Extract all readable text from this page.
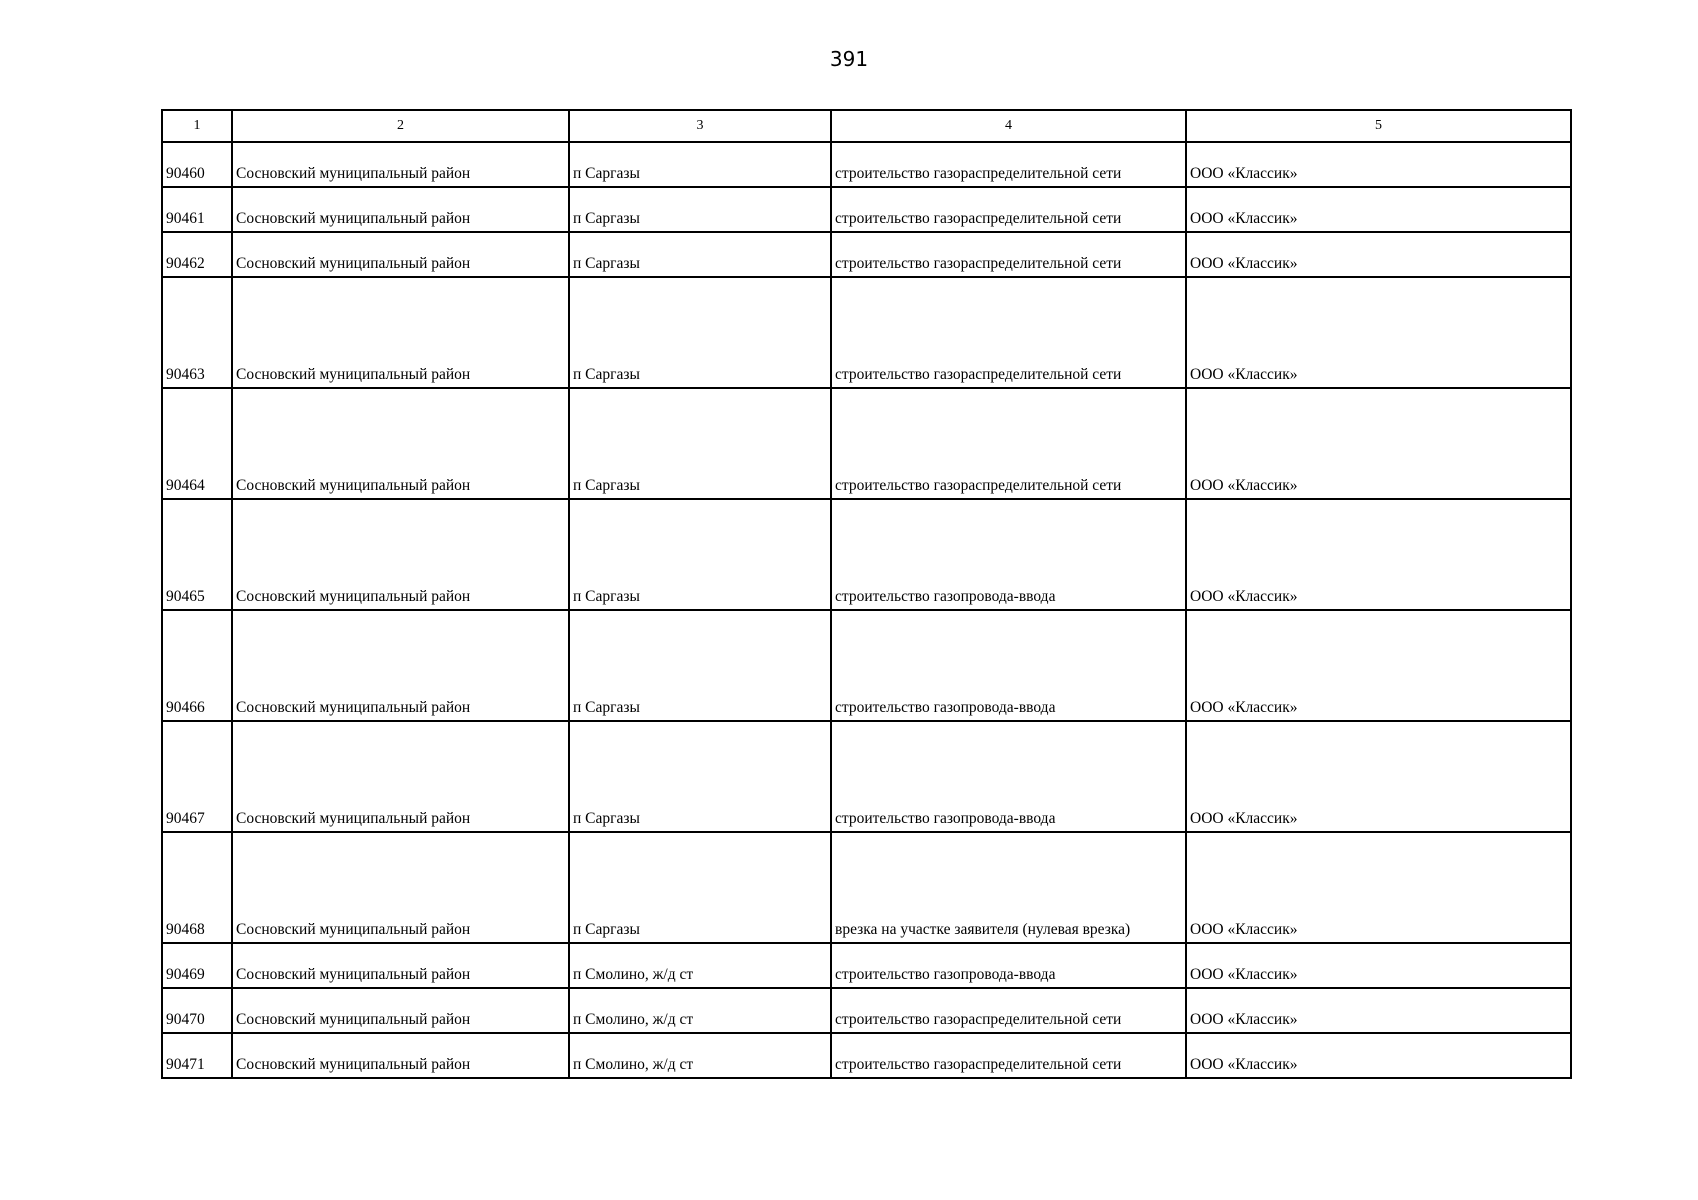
391
1	2	3	4	5
90460	Сосновский муниципальный район	п Саргазы	строительство газораспределительной сети	ООО «Классик»
90461	Сосновский муниципальный район	п Саргазы	строительство газораспределительной сети	ООО «Классик»
90462	Сосновский муниципальный район	п Саргазы	строительство газораспределительной сети	ООО «Классик»
90463	Сосновский муниципальный район	п Саргазы	строительство газораспределительной сети	ООО «Классик»
90464	Сосновский муниципальный район	п Саргазы	строительство газораспределительной сети	ООО «Классик»
90465	Сосновский муниципальный район	п Саргазы	строительство газопровода-ввода	ООО «Классик»
90466	Сосновский муниципальный район	п Саргазы	строительство газопровода-ввода	ООО «Классик»
90467	Сосновский муниципальный район	п Саргазы	строительство газопровода-ввода	ООО «Классик»
90468	Сосновский муниципальный район	п Саргазы	врезка на участке заявителя (нулевая врезка)	ООО «Классик»
90469	Сосновский муниципальный район	п Смолино, ж/д ст	строительство газопровода-ввода	ООО «Классик»
90470	Сосновский муниципальный район	п Смолино, ж/д ст	строительство газораспределительной сети	ООО «Классик»
90471	Сосновский муниципальный район	п Смолино, ж/д ст	строительство газораспределительной сети	ООО «Классик»
